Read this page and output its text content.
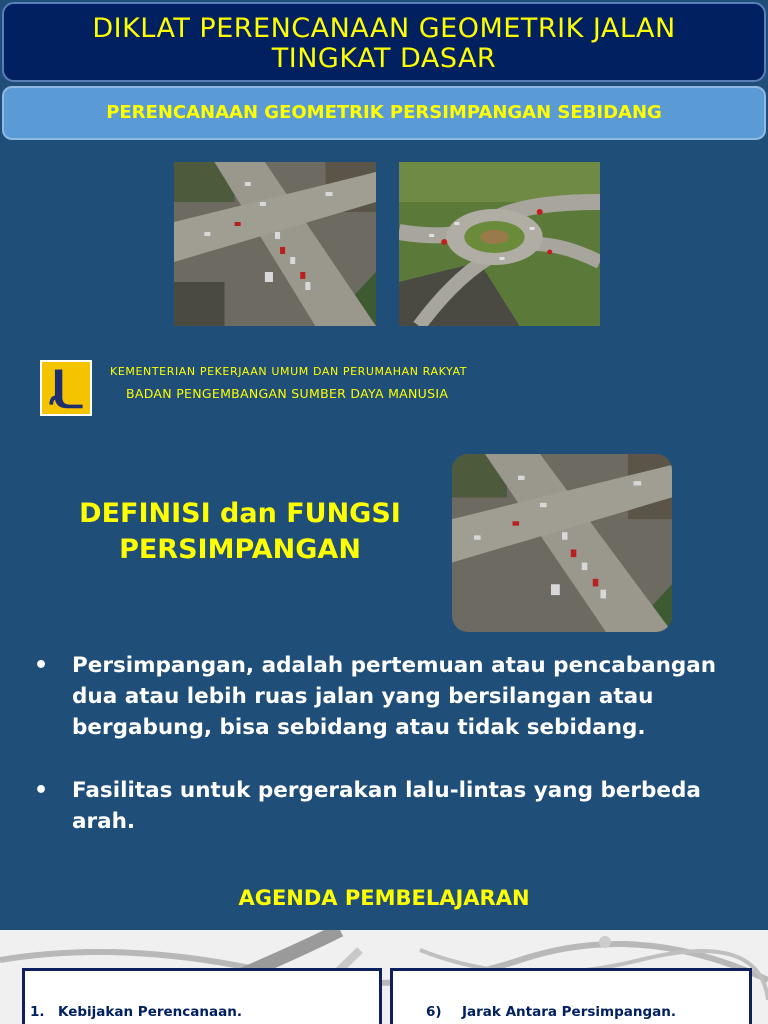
DIKLAT PERENCANAAN GEOMETRIK JALAN
TINGKAT DASAR
PERENCANAAN GEOMETRIK PERSIMPANGAN SEBIDANG
KEMENTERIAN PEKERJAAN UMUM DAN PERUMAHAN RAKYAT
BADAN PENGEMBANGAN SUMBER DAYA MANUSIA
DEFINISI dan FUNGSI
PERSIMPANGAN
• Persimpangan, adalah pertemuan atau pencabangan dua atau lebih ruas jalan yang bersilangan atau bergabung, bisa sebidang atau tidak sebidang.
• Fasilitas untuk pergerakan lalu-lintas yang berbeda arah.
AGENDA PEMBELAJARAN
1. Kebijakan Perencanaan.	6) Jarak Antara Persimpangan.
